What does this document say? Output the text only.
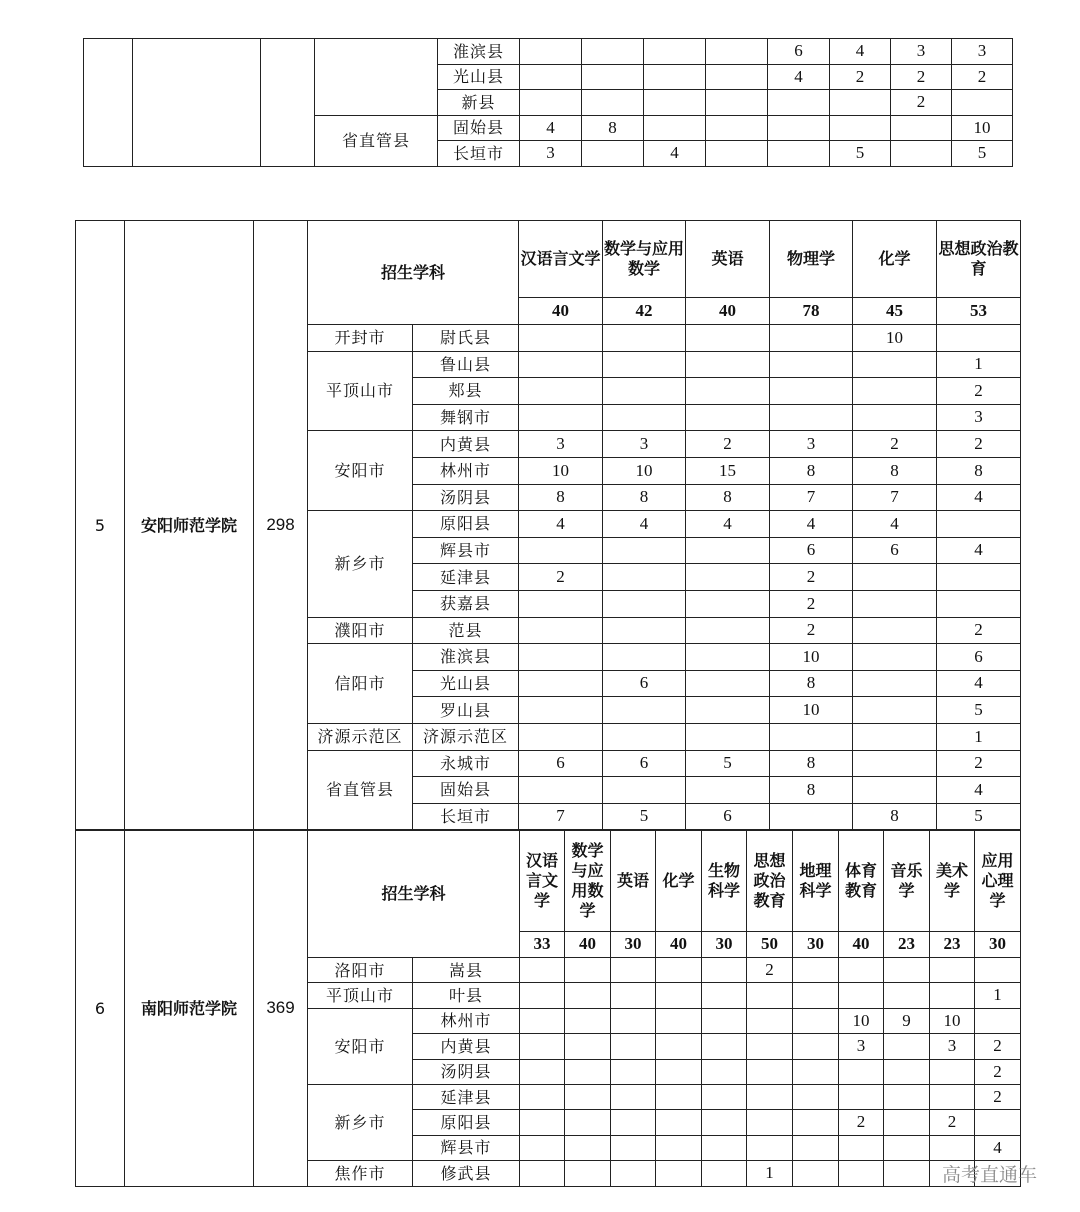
				淮滨县					6	4	3	3
				光山县					4	2	2	2
				新县							2	
			省直管县	固始县	4	8						10
				长垣市	3		4			5		5
5	安阳师范学院	298	招生学科		汉语言文学	数学与应用数学	英语	物理学	化学	思想政治教育
					40	42	40	78	45	53
			开封市	尉氏县					10	
			平顶山市	鲁山县						1
				郏县						2
				舞钢市						3
			安阳市	内黄县	3	3	2	3	2	2
				林州市	10	10	15	8	8	8
				汤阴县	8	8	8	7	7	4
			新乡市	原阳县	4	4	4	4	4	
				辉县市				6	6	4
				延津县	2			2		
				获嘉县				2		
			濮阳市	范县				2		2
			信阳市	淮滨县				10		6
				光山县		6		8		4
				罗山县				10		5
			济源示范区	济源示范区						1
			省直管县	永城市	6	6	5	8		2
				固始县				8		4
				长垣市	7	5	6		8	5
6	南阳师范学院	369	招生学科		汉语言文学	数学与应用数学	英语	化学	生物科学	思想政治教育	地理科学	体育教育	音乐学	美术学	应用心理学
					33	40	30	40	30	50	30	40	23	23	30
			洛阳市	嵩县						2					
			平顶山市	叶县											1
			安阳市	林州市								10	9	10	
				内黄县								3		3	2
				汤阴县											2
			新乡市	延津县											2
				原阳县								2		2	
				辉县市											4
			焦作市	修武县						1						高考直通车
